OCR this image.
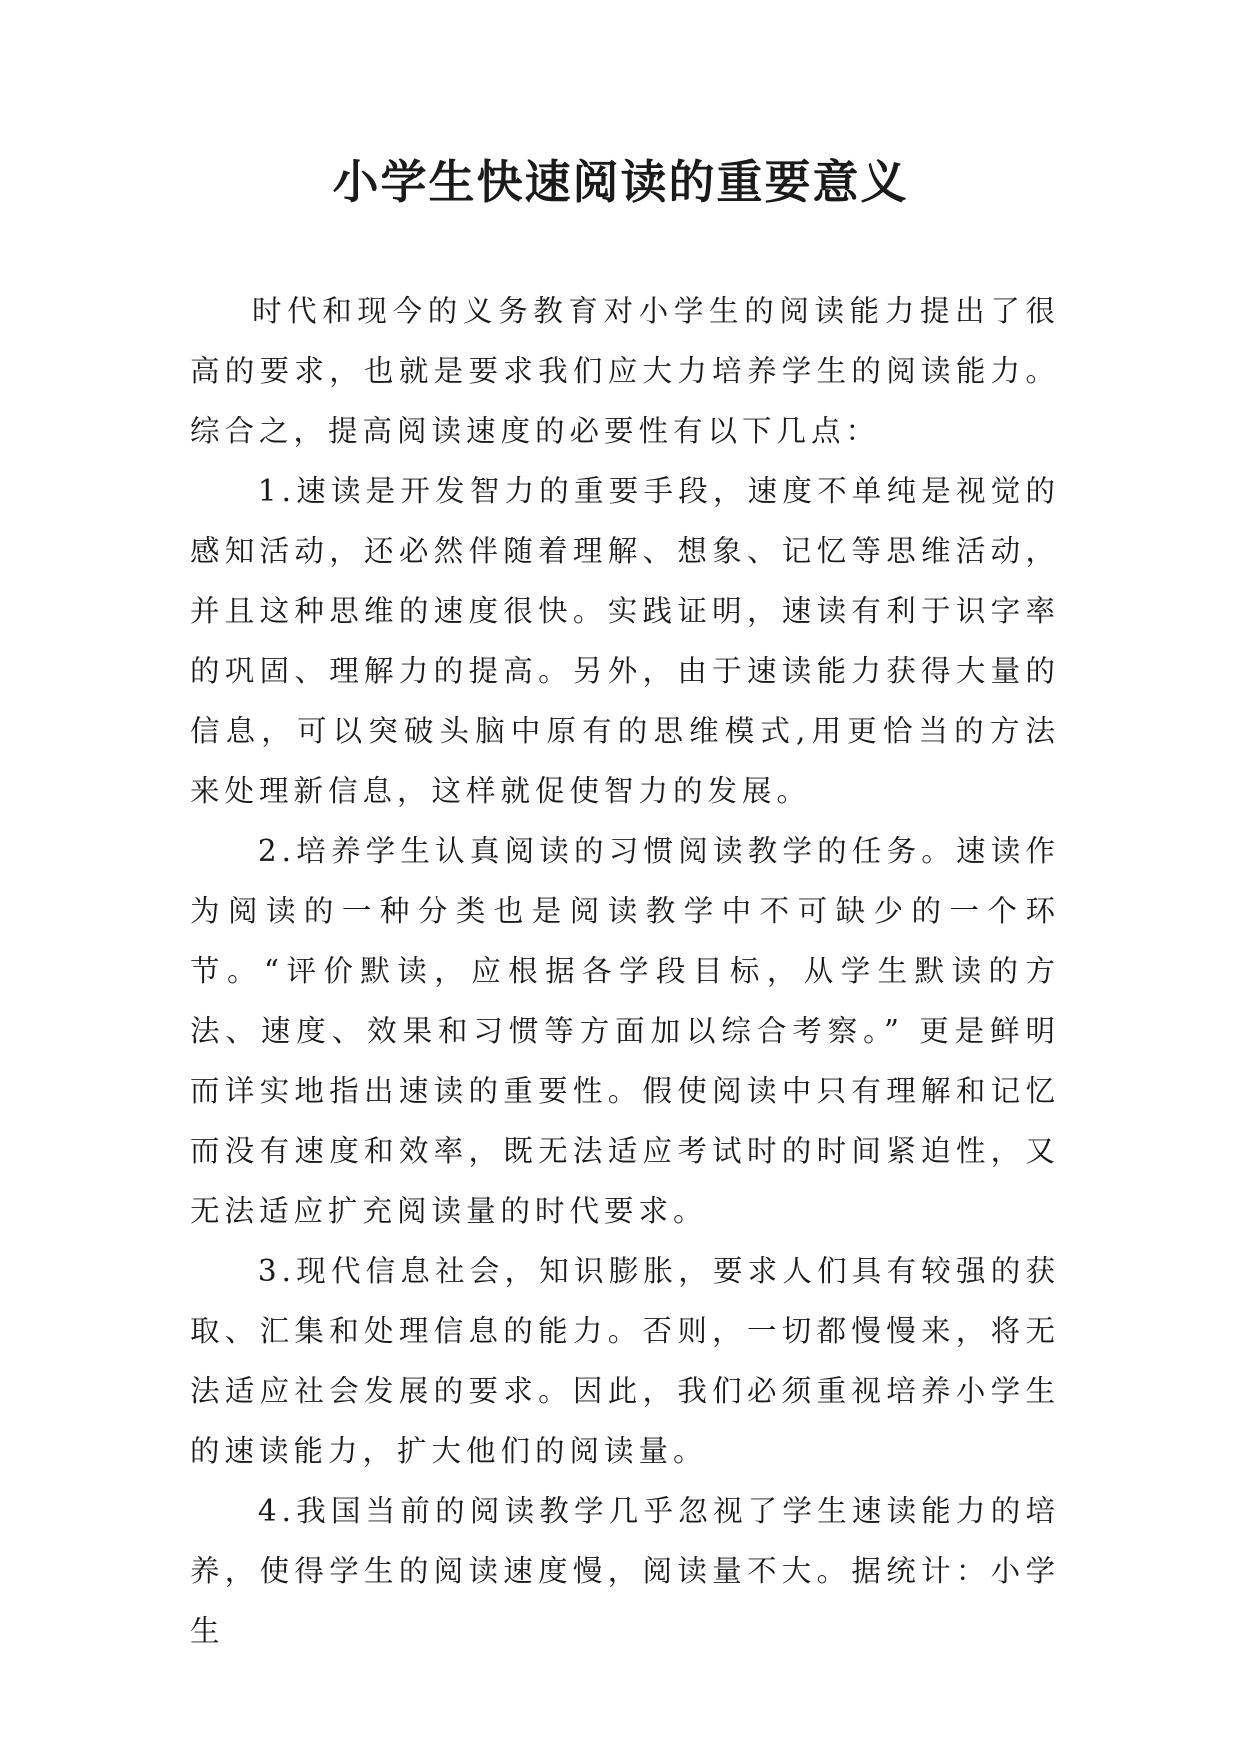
小学生快速阅读的重要意义

时代和现今的义务教育对小学生的阅读能力提出了很高的要求，也就是要求我们应大力培养学生的阅读能力。综合之，提高阅读速度的必要性有以下几点：

1.速读是开发智力的重要手段，速度不单纯是视觉的感知活动，还必然伴随着理解、想象、记忆等思维活动，并且这种思维的速度很快。实践证明，速读有利于识字率的巩固、理解力的提高。另外，由于速读能力获得大量的信息，可以突破头脑中原有的思维模式,用更恰当的方法来处理新信息，这样就促使智力的发展。

2.培养学生认真阅读的习惯阅读教学的任务。速读作为阅读的一种分类也是阅读教学中不可缺少的一个环节。“评价默读，应根据各学段目标，从学生默读的方法、速度、效果和习惯等方面加以综合考察。” 更是鲜明而详实地指出速读的重要性。假使阅读中只有理解和记忆而没有速度和效率，既无法适应考试时的时间紧迫性，又无法适应扩充阅读量的时代要求。

3.现代信息社会，知识膨胀，要求人们具有较强的获取、汇集和处理信息的能力。否则，一切都慢慢来，将无法适应社会发展的要求。因此，我们必须重视培养小学生的速读能力，扩大他们的阅读量。

4.我国当前的阅读教学几乎忽视了学生速读能力的培养，使得学生的阅读速度慢，阅读量不大。据统计：小学生
